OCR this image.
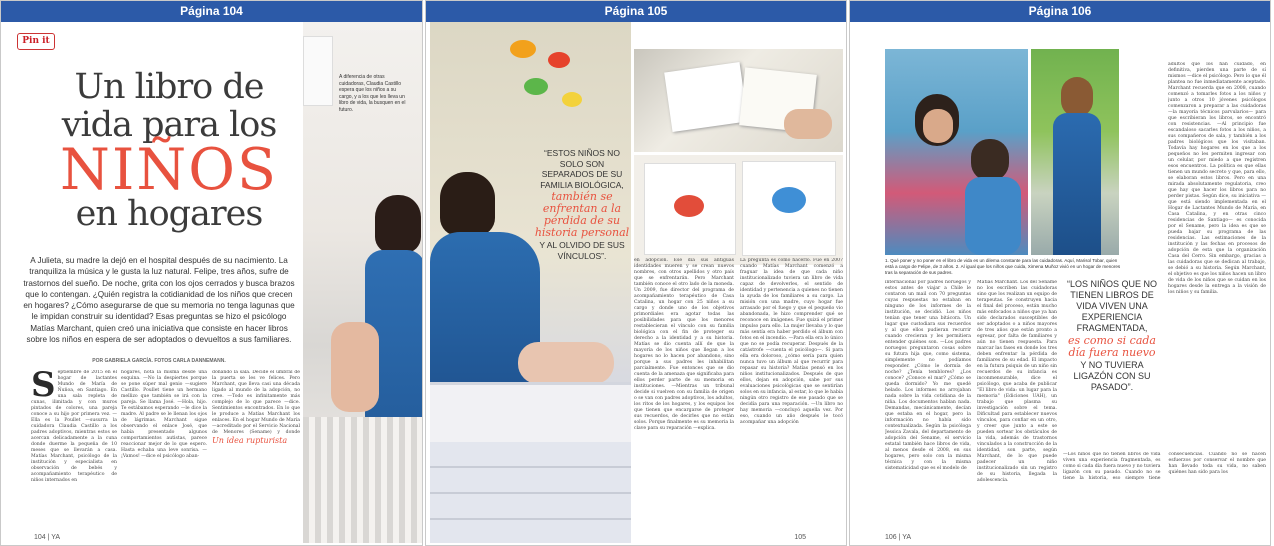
Página 104
Pin it
A diferencia de otras cuidadoras, Claudia Castillo espera que los niños a su cargo, y a los que les lleva un libro de vida, la busquen en el futuro.
Un libro de
vida para los
NIÑOS
en hogares
A Julieta, su madre la dejó en el hospital después de su nacimiento. La tranquiliza la música y le gusta la luz natural. Felipe, tres años, sufre de trastornos del sueño. De noche, grita con los ojos cerrados y busca brazos que lo contengan. ¿Quién registra la cotidianidad de los niños que crecen en hogares? ¿Cómo asegurarse de que su memoria no tenga lagunas que le impidan construir su identidad? Esas preguntas se hizo el psicólogo Matías Marchant, quien creó una iniciativa que consiste en hacer libros sobre los niños en espera de ser adoptados o devueltos a sus familiares.
POR GABRIELA GARCÍA. FOTOS CARLA DANNEMANN.
S eptiembre de 2015 en el hogar de lactantes Mundo de María de Ñuñoa, en Santiago. En una sala repleta de cunas, ilimitada y con muros pintados de colores, una pareja conoce a su hijo por primera vez. —Ella es la Poullet —susurra la cuidadora Claudia Castillo a los padres adoptivos, mientras estos se acercan delicadamente a la cuna donde duerme la pequeña de 10 meses que se llevarán a casa. Matías Marchant, psicólogo de la institución y especialista en observación de bebés y acompañamiento terapéutico de niños internados en

hogares, nota la misma desde una esquina. —No la despiertes porque se pone súper mal genio —sugiere Castillo. Poullet tiene un hermano mellizo que también se irá con la pareja. Se llama José. —Hola, hijo. Te estábamos esperando —le dice la madre. Al padre se le llenan los ojos de lágrimas. Marchant sigue observando el enlace José, que había presentado algunos comportamientos autistas, parece reaccionar mejor de lo que espero. Hasta echaba una leve sonrisa. —¡Vamos! —dice el psicólogo aban-

donando la sala. Decide el umbral de la puerta se les ve felices. Pero Marchant, que lleva casi una década ligado al mundo de la adopción, no cree. —Todo es infinitamente más complejo de lo que parece —dice. Sentimientos encontrados. En lo que le produce a Matías Marchant los enlaces. En el hogar Mundo de María —acreditado por el Servicio Nacional de Menores (Sename) y donde

Un idea rupturista

104 | YA
Página 105
“ESTOS NIÑOS NO SOLO SON SEPARADOS DE SU FAMILIA BIOLÓGICA,
también se enfrentan a la pérdida de su historia personal
Y AL OLVIDO DE SUS VÍNCULOS”.	en adopción. Ese día sus antiguas identidades mueren y se crean nuevos nombres, con otros apellidos y otro país que se enfrentarán. Pero Marchant también conoce el otro lado de la moneda. Un 2009, fue director del programa de acompañamiento terapéutico de Casa Catalina, un hogar con 25 niños a su cargo y donde uno de los objetivos primordiales era agotar todas las posibilidades para que los menores restablecieran el vínculo con su familia biológica con el fin de proteger su derecho a la identidad y a su historia. Matías se dio cuenta allí de que la mayoría de los niños que llegan a los hogares no lo hacen por abandono, sino porque a sus padres les inhabilitan parcialmente. Fue entonces que se dio cuenta de la amenaza que significaba para ellos perder parte de su memoria en instituciones. —Mientras un tribunal decide si vuelven con su familia de origen o se van con padres adoptivos, los adultos, los ritos de los hogares, y los equipos los que tienen que encargarse de proteger sus recuerdos, de decirles que no están solos. Porque finalmente es su memoria la clave para su reparación —explica.

La pregunta es cómo hacerlo. Fue en 2007 cuando Matías Marchant comenzó a fraguar la idea de que cada niño institucionalizado tuviera un libro de vida capaz de devolverles, el sentido de identidad y pertenencia a quienes no tienen la ayuda de los familiares a su cargo. La misión con una madre, cuyo hogar fue arrasado por el fuego y que el pequeño vio abandonada, le hizo comprender qué se reconoce en imágenes. Fue quizá el primer impulso para ello. La mujer llevaba y lo que más sentía era haber perdido el álbum con fotos en el incendio. —Para ella era lo único que no se podía recuperar. Después de la catástrofe —cuenta el psicólogo—. Si para ella era doloroso, ¿cómo sería para quien nunca tuvo un álbum al que recurrir para repasar su historia? Matías pensó en los niños institucionalizados. Después de que ellos, dejan en adopción, sabe por sus evaluaciones psicológicas que se sentirían solos en su infancia, al estar, lo que le había ningún otro registro de ese pasado que se decidía para una reparación. —Un libro no hay memoria —concluyó aquella vez. Por eso, cuando un año después le tocó acompañar una adopción

105
Página 106
1. Qué poner y no poner en el libro de vida es un dilema constante para las cuidadoras. Aquí, Marisol Tobar, quien está a cargo de Felipe, de 3 años. 2. Al igual que los niños que cuida, Ximena Muñoz vivió en un hogar de menores tras la separación de sus padres.

internacional por padres noruegos y estos antes de viajar a Chile le contaron un mail con 70 preguntas cuyas respuestas no estaban en ninguno de los informes de la institución, se decidió. Los niños tenían que tener una bitácora. Un lugar que custodiara sus recuerdos y al que ellos pudieran recurrir cuando crecieran y les permitiera entender quiénes son. —Los padres noruegos preguntaron cosas sobre su futura hija que, como sistema, simplemente no podíamos responder. ¿Cómo le dormía de noche? ¿Tenía temblores? ¿Los conoce? ¿Conoce el mar? ¿Cómo se queda dormido? Yo me quedé helado. Los informes no arrojaban nada sobre la vida cotidiana de la niña. Los documentos hablan nada. Demandas, mecánicamente, decían que estaba en el hogar, pero la información no había sido contextualizada. Según la psicóloga Jessica Zavala, del departamento de adopción del Sename, el servicio estatal también hace libros de vida, al menos desde el 2008, en sus hogares, pero solo con la misma técnica y con la misma sistematicidad que es el modelo de

Matías Marchant. Los del Sename no los escriben las cuidadoras sino que los realizan un equipo de terapeutas. Se construyen hacia el final del proceso, están mucho más enfocados a niños que ya han sido declarados susceptibles de ser adoptados o a niños mayores de tres años que están pronto a egresar, por falta de familiares y aún no tienen respuesta. Para marcar las fases en donde los tres deben enfrentar la pérdida de familiares de su edad. El impacto en la futura psiquis de un niño sin recuerdos de su infancia es inconmensurable, dice el psicólogo, que acaba de publicar "El libro de vida: un lugar para la memoria" (Ediciones UAH), un trabajo que plasma su investigación sobre el tema. Dificultad para establecer nuevos vínculos, para confiar en un otro, y creer que junto a este se pueden sortear los obstáculos de la vida, además de trastornos vinculados a la construcción de la identidad, son parte, según Marchant, de lo que puede padecer un niño institucionalizado sin un registro de su historia, llegada la adolescencia.

“LOS NIÑOS QUE NO TIENEN LIBROS DE VIDA VIVEN UNA EXPERIENCIA FRAGMENTADA,
es como si cada día fuera nuevo
Y NO TUVIERA LIGAZÓN CON SU PASADO”.

adultos que los han cuidado, en definitiva, pierden una parte de sí mismos —dice el psicólogo. Pero lo que él plantea no fue inmediatamente aceptado. Marchant recuerda que en 2008, cuando comenzó a tomarles fotos a los niños y junto a otros 10 jóvenes psicólogos comenzaron a preparar a las cuidadoras —la mayoría técnicos parvularios— para que escribieran los libros, se encontró con resistencias. —Al principio fue escandaloso sacarles fotos a los niños, a sus compañeros de sala, y también a los padres biológicos que los visitaban. Todavía hay hogares en los que a los pequeños no les permiten ingresar con un celular, por miedo a que registren esos encuentros. La política es que ellas tienen un mundo secreto y que, para ello, se elaboran estos libros. Pero en una mirada absolutamente regulatoria, creo que hay que hacer los libros para no perder pistas. Según dice, su iniciativa —que está siendo implementada en el Hogar de Lactantes Mundo de María, en Casa Catalina, y en otras cinco residencias de Santiago— es conocida por el Sename, pero la idea es que se pueda bajar su programa de las residencias. Las estimaciones de la institución y las fechas en procesos de adopción de esta que la organización Casa del Cerro. Sin embargo, gracias a las cuidadoras que se dedican al trabajo, se debió a su historia. Según Marchant, el objetivo es que los niños hacen un libro de vida de los niños que se cuidan en los hogares desde la entrega a la visión de los niños y su familia.

—Los niños que no tienen libros de vida viven una experiencia fragmentada, es como si cada día fuera nuevo y no tuviera ligazón con su pasado. Cuando no se tiene la historia, eso siempre tiene consecuencias. Cuando no se hacen esfuerzos por conservar el nombre que han llevado toda su vida, no saben quiénes han sido para los

106 | YA
